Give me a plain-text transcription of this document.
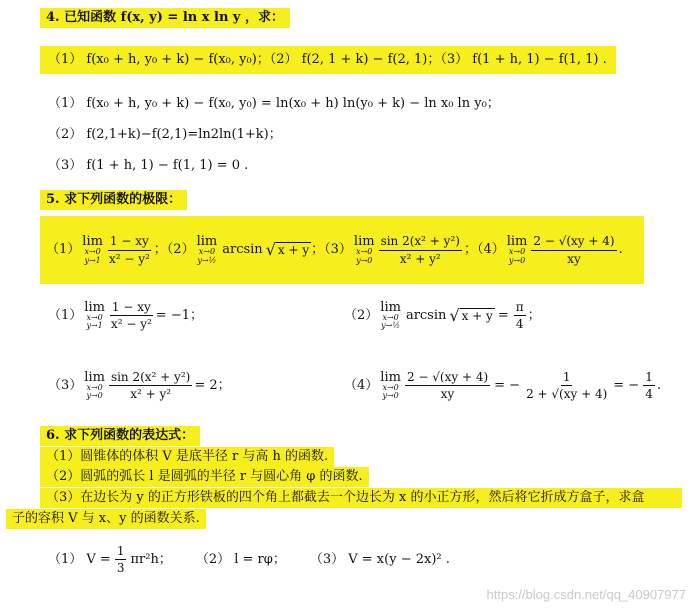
4. 已知函数 f(x, y) = ln x ln y ，求：
（1） f(x₀ + h, y₀ + k) − f(x₀, y₀)；（2） f(2, 1 + k) − f(2, 1)；（3） f(1 + h, 1) − f(1, 1) .
（1） f(x₀ + h, y₀ + k) − f(x₀, y₀) = ln(x₀ + h) ln(y₀ + k) − ln x₀ ln y₀；
（2） f(2,1+k)−f(2,1)=ln2ln(1+k)；
（3） f(1 + h, 1) − f(1, 1) = 0 .
5. 求下列函数的极限：
（1）
lim
x→0
$y\to 1 \frac{1 - xy}{\text{x² − y²}}$ ；（2）
lim
x→0
y→½
arcsin √ x + y ；（3）
lim
x→0
$y\to 0 \frac{\text{sin 2(x² + y²)}}{\text{x² + y²}}$ ；（4）
lim
x→0
$y\to 0 \frac{2 - √(xy + 4)}{xy}$ .
（1）
lim
x→0
$y\to 1 \frac{1 - xy}{\text{x² − y²}} = -1$；	（2）
lim
x→0
y→½
arcsin √ $x + y = \frac{\pi}{4}$ ；
（3）
lim
x→0
$y\to 0 \frac{\text{sin 2(x² + y²)}}{\text{x² + y²}} = 2$；	（4）
lim
x→0
$y\to 0 \frac{2 - √(xy + 4)}{xy}$ = − $\frac{1}{2 + √(xy + 4)}$ = − $\frac{1}{4}$ .
6. 求下列函数的表达式：
（1）圆锥体的体积 V 是底半径 r 与高 h 的函数.
（2）圆弧的弧长 l 是圆弧的半径 r 与圆心角 φ 的函数.
（3）在边长为 y 的正方形铁板的四个角上都截去一个边长为 x 的小正方形，然后将它折成方盒子，求盒
子的容积 V 与 x、y 的函数关系.
（1） $V = \frac{1}{3} \pi r^2h$； （2） l = rφ； （3） V = x(y − 2x)² .
https://blog.csdn.net/qq_40907977
